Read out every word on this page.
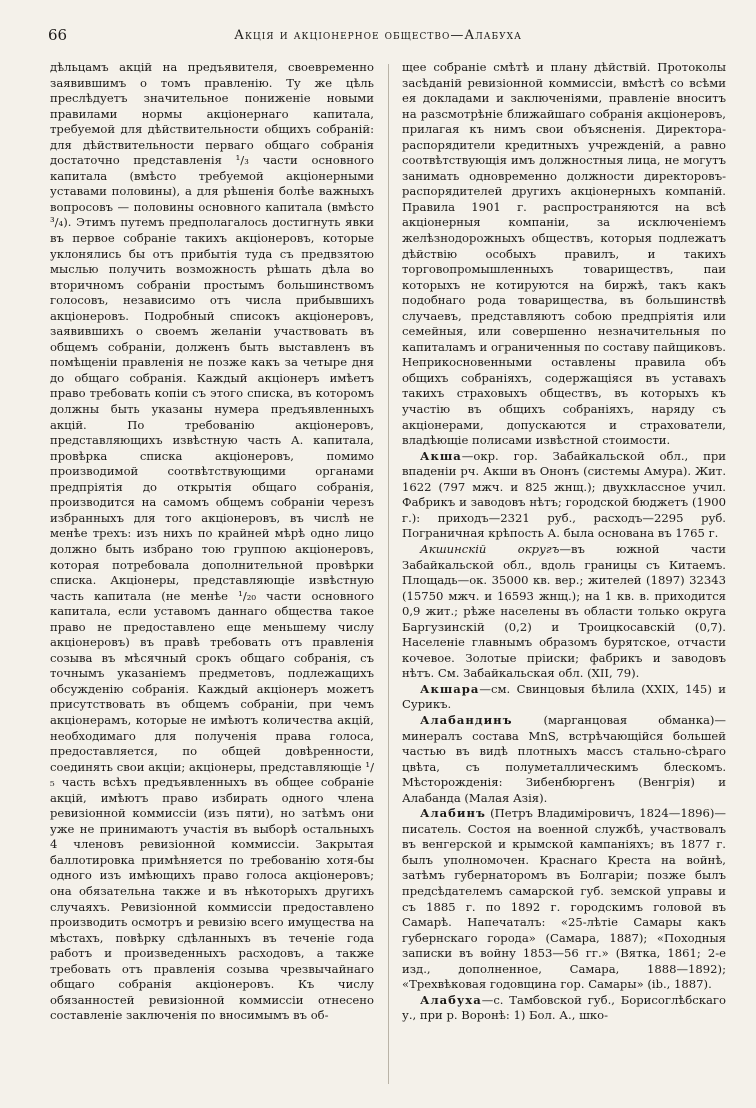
66	Акція и акціонерное общество—Алабуха

дѣльцамъ акцій на предъявителя, своевременно заявившимъ о томъ правленію. Ту же цѣль преслѣдуетъ значительное пониженіе новыми правилами нормы акціонернаго капитала, требуемой для дѣйствительности общихъ собраній: для дѣйствительности перваго общаго собранія достаточно представленія ¹/₃ части основного капитала (вмѣсто требуемой акціонерными уставами половины), а для рѣшенія болѣе важныхъ вопросовъ — половины основного капитала (вмѣсто ³/₄). Этимъ путемъ предполагалось достигнуть явки въ первое собраніе такихъ акціонеровъ, которые уклонялись бы отъ прибытія туда съ предвзятою мыслью получить возможность рѣшать дѣла во вторичномъ собраніи простымъ большинствомъ голосовъ, независимо отъ числа прибывшихъ акціонеровъ. Подробный списокъ акціонеровъ, заявившихъ о своемъ желаніи участвовать въ общемъ собраніи, долженъ быть выставленъ въ помѣщеніи правленія не позже какъ за четыре дня до общаго собранія. Каждый акціонеръ имѣетъ право требовать копіи съ этого списка, въ которомъ должны быть указаны нумера предъявленныхъ акцій. По требованію акціонеровъ, представляющихъ извѣстную часть А. капитала, провѣрка списка акціонеровъ, помимо производимой соотвѣтствующими органами предпріятія до открытія общаго собранія, производится на самомъ общемъ собраніи черезъ избранныхъ для того акціонеровъ, въ числѣ не менѣе трехъ: изъ нихъ по крайней мѣрѣ одно лицо должно быть избрано тою группою акціонеровъ, которая потребовала дополнительной провѣрки списка. Акціонеры, представляющіе извѣстную часть капитала (не менѣе ¹/₂₀ части основного капитала, если уставомъ даннаго общества такое право не предоставлено еще меньшему числу акціонеровъ) въ правѣ требовать отъ правленія созыва въ мѣсячный срокъ общаго собранія, съ точнымъ указаніемъ предметовъ, подлежащихъ обсужденію собранія. Каждый акціонеръ можетъ присутствовать въ общемъ собраніи, при чемъ акціонерамъ, которые не имѣютъ количества акцій, необходимаго для полученія права голоса, предоставляется, по общей довѣренности, соединять свои акціи; акціонеры, представляющіе ¹/₅ часть всѣхъ предъявленныхъ въ общее собраніе акцій, имѣютъ право избирать одного члена ревизіонной коммиссіи (изъ пяти), но затѣмъ они уже не принимаютъ участія въ выборѣ остальныхъ 4 членовъ ревизіонной коммиссіи. Закрытая баллотировка примѣняется по требованію хотя-бы одного изъ имѣющихъ право голоса акціонеровъ; она обязательна также и въ нѣкоторыхъ другихъ случаяхъ. Ревизіонной коммиссіи предоставлено производить осмотръ и ревизію всего имущества на мѣстахъ, повѣрку сдѣланныхъ въ теченіе года работъ и произведенныхъ расходовъ, а также требовать отъ правленія созыва чрезвычайнаго общаго собранія акціонеровъ. Къ числу обязанностей ревизіонной коммиссіи отнесено составленіе заключенія по вносимымъ въ об-

щее собраніе смѣтѣ и плану дѣйствій. Протоколы засѣданій ревизіонной коммиссіи, вмѣстѣ со всѣми ея докладами и заключеніями, правленіе вноситъ на разсмотрѣніе ближайшаго собранія акціонеровъ, прилагая къ нимъ свои объясненія. Директора-распорядители кредитныхъ учрежденій, а равно соотвѣтствующія имъ должностныя лица, не могутъ занимать одновременно должности директоровъ-распорядителей другихъ акціонерныхъ компаній. Правила 1901 г. распространяются на всѣ акціонерныя компаніи, за исключеніемъ желѣзнодорожныхъ обществъ, которыя подлежатъ дѣйствію особыхъ правилъ, и такихъ торговопромышленныхъ товариществъ, паи которыхъ не котируются на биржѣ, такъ какъ подобнаго рода товарищества, въ большинствѣ случаевъ, представляютъ собою предпріятія или семейныя, или совершенно незначительныя по капиталамъ и ограниченныя по составу пайщиковъ. Неприкосновенными оставлены правила объ общихъ собраніяхъ, содержащіяся въ уставахъ такихъ страховыхъ обществъ, въ которыхъ къ участію въ общихъ собраніяхъ, наряду съ акціонерами, допускаются и страхователи, владѣющіе полисами извѣстной стоимости.

Акша—окр. гор. Забайкальской обл., при впаденіи рч. Акши въ Ононъ (системы Амура). Жит. 1622 (797 мжч. и 825 жнщ.); двухклассное учил. Фабрикъ и заводовъ нѣтъ; городской бюджетъ (1900 г.): приходъ—2321 руб., расходъ—2295 руб. Пограничная крѣпость А. была основана въ 1765 г.

Акшинскій округъ—въ южной части Забайкальской обл., вдоль границы съ Китаемъ. Площадь—ок. 35000 кв. вер.; жителей (1897) 32343 (15750 мжч. и 16593 жнщ.); на 1 кв. в. приходится 0,9 жит.; рѣже населены въ области только округа Баргузинскій (0,2) и Троицкосавскій (0,7). Населеніе главнымъ образомъ бурятское, отчасти кочевое. Золотые пріиски; фабрикъ и заводовъ нѣтъ. См. Забайкальская обл. (XII, 79).

Акшара—см. Свинцовыя бѣлила (XXIX, 145) и Сурикъ.

Алабандинъ (марганцовая обманка)—минералъ состава MnS, встрѣчающійся большей частью въ видѣ плотныхъ массъ стально-сѣраго цвѣта, съ полуметаллическимъ блескомъ. Мѣсторожденія: Зибенбюргенъ (Венгрія) и Алабанда (Малая Азія).

Алабинъ (Петръ Владиміровичъ, 1824—1896)—писатель. Состоя на военной службѣ, участвовалъ въ венгерской и крымской кампаніяхъ; въ 1877 г. былъ уполномочен. Краснаго Креста на войнѣ, затѣмъ губернаторомъ въ Болгаріи; позже былъ предсѣдателемъ самарской губ. земской управы и съ 1885 г. по 1892 г. городскимъ головой въ Самарѣ. Напечаталъ: «25-лѣтіе Самары какъ губернскаго города» (Самара, 1887); «Походныя записки въ войну 1853—56 гг.» (Вятка, 1861; 2-е изд., дополненное, Самара, 1888—1892); «Трехвѣковая годовщина гор. Самары» (ib., 1887).

Алабуха—с. Тамбовской губ., Борисоглѣбскаго у., при р. Воронѣ: 1) Бол. А., шко-
